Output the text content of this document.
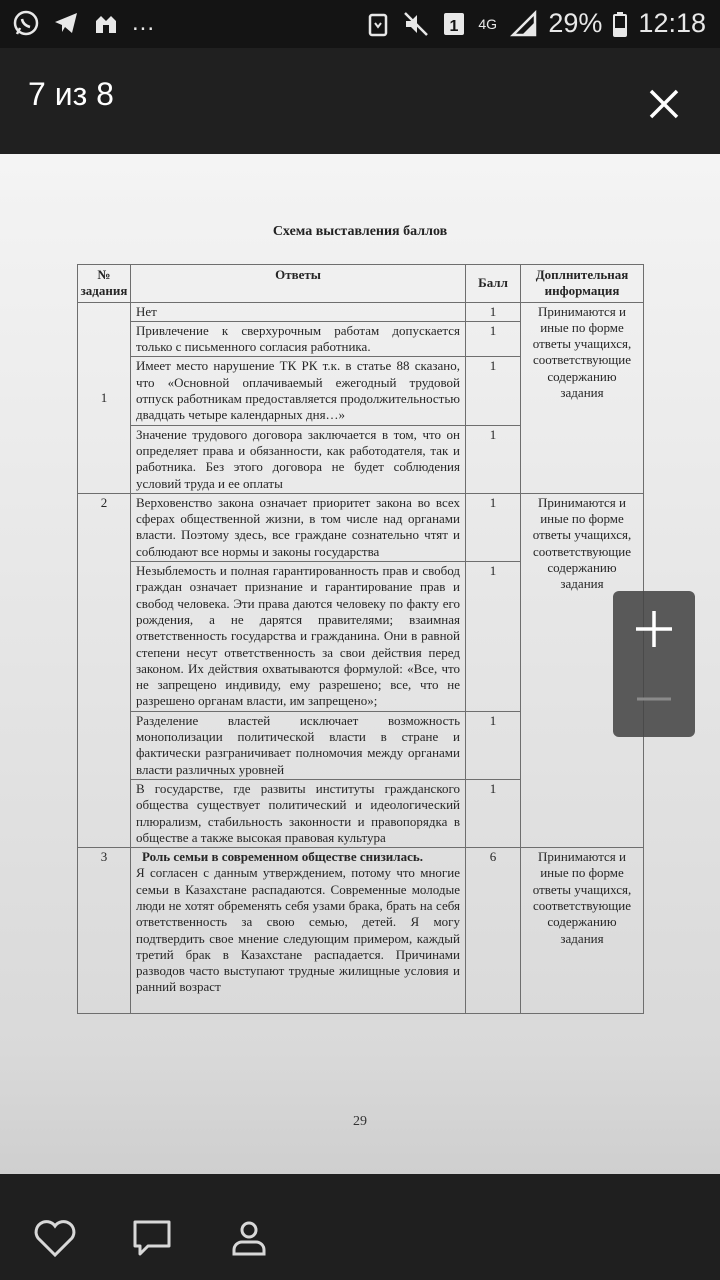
...	1 4G 29% 12:18
7 из 8
Схема выставления баллов
№ задания	Ответы	Балл	Доплнительная информация
1	Нет	1	Принимаются и иные по форме ответы учащихся, соответствующие содержанию задания
	Привлечение к сверхурочным работам допускается только с письменного согласия работника.	1	
	Имеет место нарушение ТК РК т.к. в статье 88 сказано, что «Основной оплачиваемый ежегодный трудовой отпуск работникам предоставляется продолжительностью двадцать четыре календарных дня…»	1	
	Значение трудового договора заключается в том, что он определяет права и обязанности, как работодателя, так и работника. Без этого договора не будет соблюдения условий труда и ее оплаты	1	
2	Верховенство закона означает приоритет закона во всех сферах общественной жизни, в том числе над органами власти. Поэтому здесь, все граждане сознательно чтят и соблюдают все нормы и законы государства	1	Принимаются и иные по форме ответы учащихся, соответствующие содержанию задания
	Незыблемость и полная гарантированность прав и свобод граждан означает признание и гарантирование прав и свобод человека. Эти права даются человеку по факту его рождения, а не дарятся правителями; взаимная ответственность государства и гражданина. Они в равной степени несут ответственность за свои действия перед законом. Их действия охватываются формулой: «Все, что не запрещено индивиду, ему разрешено; все, что не разрешено органам власти, им запрещено»;	1	
	Разделение властей исключает возможность монополизации политической власти в стране и фактически разграничивает полномочия между органами власти различных уровней	1	
	В государстве, где развиты институты гражданского общества существует политический и идеологический плюрализм, стабильность законности и правопорядка в обществе а также высокая правовая культура	1	
3	Роль семьи в современном обществе снизилась.
Я согласен с данным утверждением, потому что многие семьи в Казахстане распадаются. Современные молодые люди не хотят обременять себя узами брака, брать на себя ответственность за свою семью, детей. Я могу подтвердить свое мнение следующим примером, каждый третий брак в Казахстане распадается. Причинами разводов часто выступают трудные жилищные условия и ранний возраст	6	Принимаются и иные по форме ответы учащихся, соответствующие содержанию задания
29
